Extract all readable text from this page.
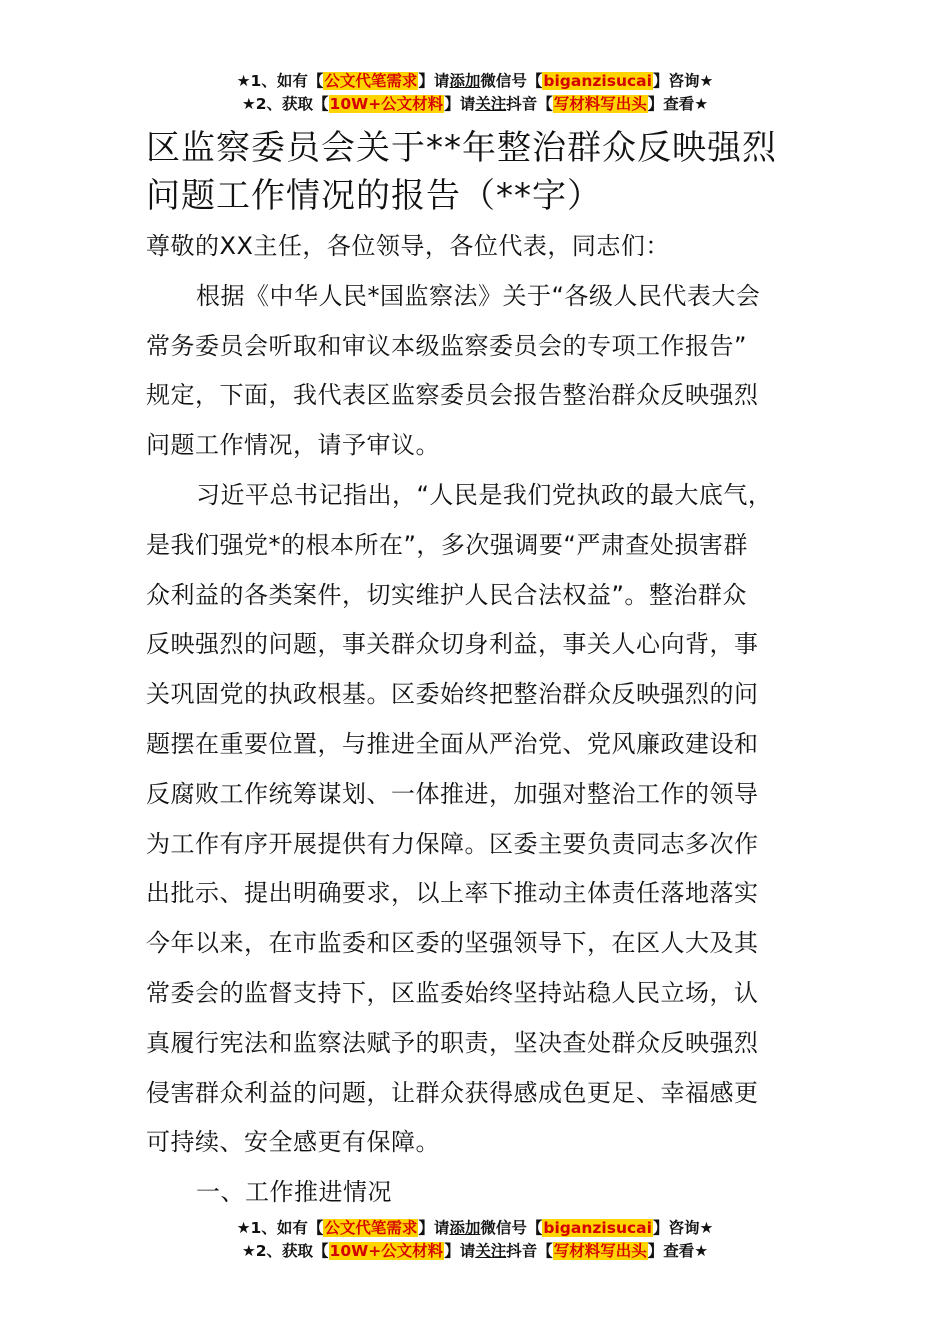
★1、如有【公文代笔需求】请添加微信号【biganzisucai】咨询★
★2、获取【10W+公文材料】请关注抖音【写材料写出头】查看★
区监察委员会关于**年整治群众反映强烈
问题工作情况的报告（**字）
尊敬的XX主任，各位领导，各位代表，同志们：
根据《中华人民*国监察法》关于“各级人民代表大会
常务委员会听取和审议本级监察委员会的专项工作报告”
规定，下面，我代表区监察委员会报告整治群众反映强烈
问题工作情况，请予审议。
习近平总书记指出，“人民是我们党执政的最大底气，
是我们强党*的根本所在”，多次强调要“严肃查处损害群
众利益的各类案件，切实维护人民合法权益”。整治群众
反映强烈的问题，事关群众切身利益，事关人心向背，事
关巩固党的执政根基。区委始终把整治群众反映强烈的问
题摆在重要位置，与推进全面从严治党、党风廉政建设和
反腐败工作统筹谋划、一体推进，加强对整治工作的领导
为工作有序开展提供有力保障。区委主要负责同志多次作
出批示、提出明确要求，以上率下推动主体责任落地落实
今年以来，在市监委和区委的坚强领导下，在区人大及其
常委会的监督支持下，区监委始终坚持站稳人民立场，认
真履行宪法和监察法赋予的职责，坚决查处群众反映强烈
侵害群众利益的问题，让群众获得感成色更足、幸福感更
可持续、安全感更有保障。
一、工作推进情况
★1、如有【公文代笔需求】请添加微信号【biganzisucai】咨询★
★2、获取【10W+公文材料】请关注抖音【写材料写出头】查看★
